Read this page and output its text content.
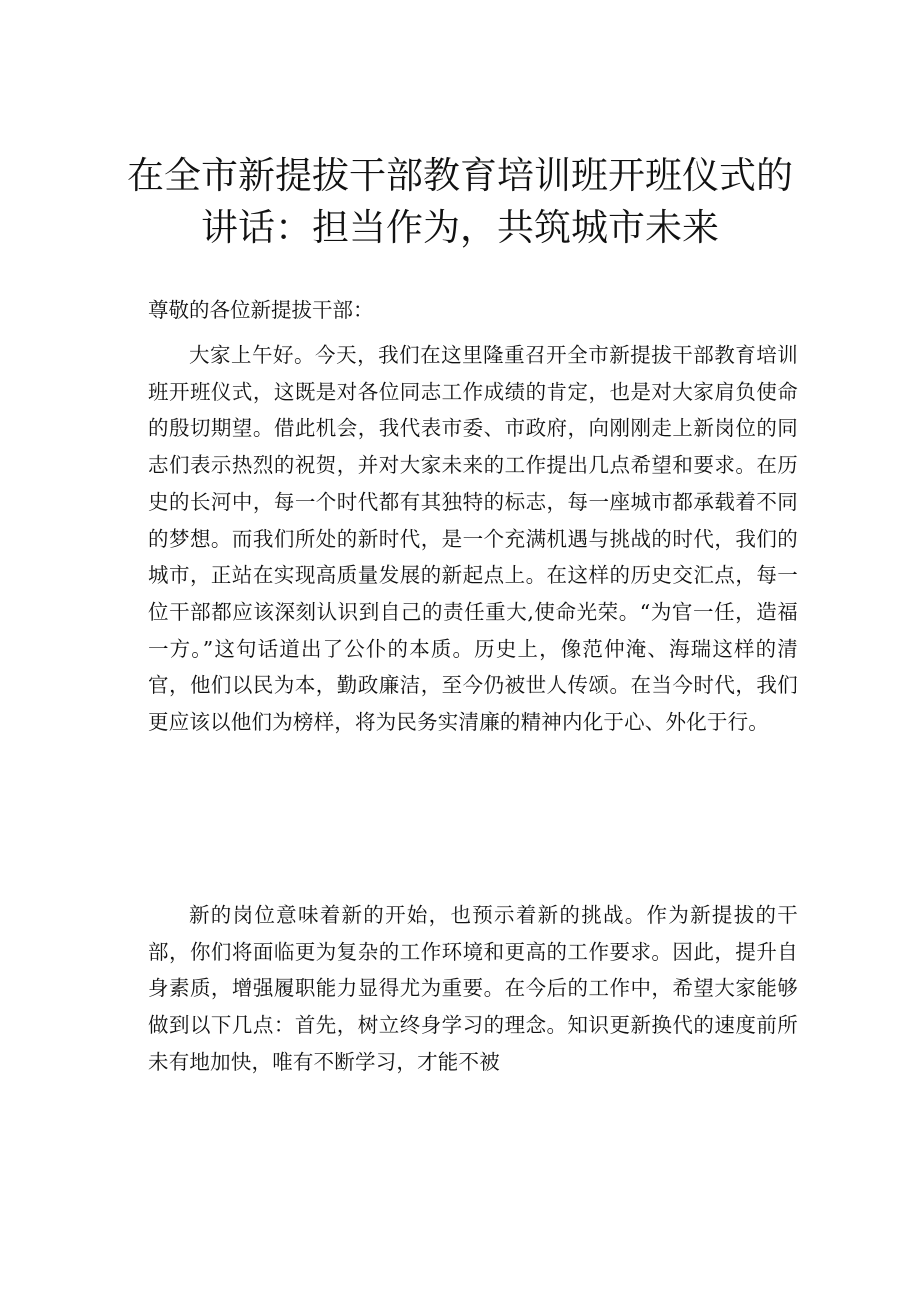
在全市新提拔干部教育培训班开班仪式的
讲话：担当作为，共筑城市未来

尊敬的各位新提拔干部：

大家上午好。今天，我们在这里隆重召开全市新提拔干部教育培训班开班仪式，这既是对各位同志工作成绩的肯定，也是对大家肩负使命的殷切期望。借此机会，我代表市委、市政府，向刚刚走上新岗位的同志们表示热烈的祝贺，并对大家未来的工作提出几点希望和要求。在历史的长河中，每一个时代都有其独特的标志，每一座城市都承载着不同的梦想。而我们所处的新时代，是一个充满机遇与挑战的时代，我们的城市，正站在实现高质量发展的新起点上。在这样的历史交汇点，每一位干部都应该深刻认识到自己的责任重大,使命光荣。“为官一任，造福一方。”这句话道出了公仆的本质。历史上，像范仲淹、海瑞这样的清官，他们以民为本，勤政廉洁，至今仍被世人传颂。在当今时代，我们更应该以他们为榜样，将为民务实清廉的精神内化于心、外化于行。

新的岗位意味着新的开始，也预示着新的挑战。作为新提拔的干部，你们将面临更为复杂的工作环境和更高的工作要求。因此，提升自身素质，增强履职能力显得尤为重要。在今后的工作中，希望大家能够做到以下几点：首先，树立终身学习的理念。知识更新换代的速度前所未有地加快，唯有不断学习，才能不被
